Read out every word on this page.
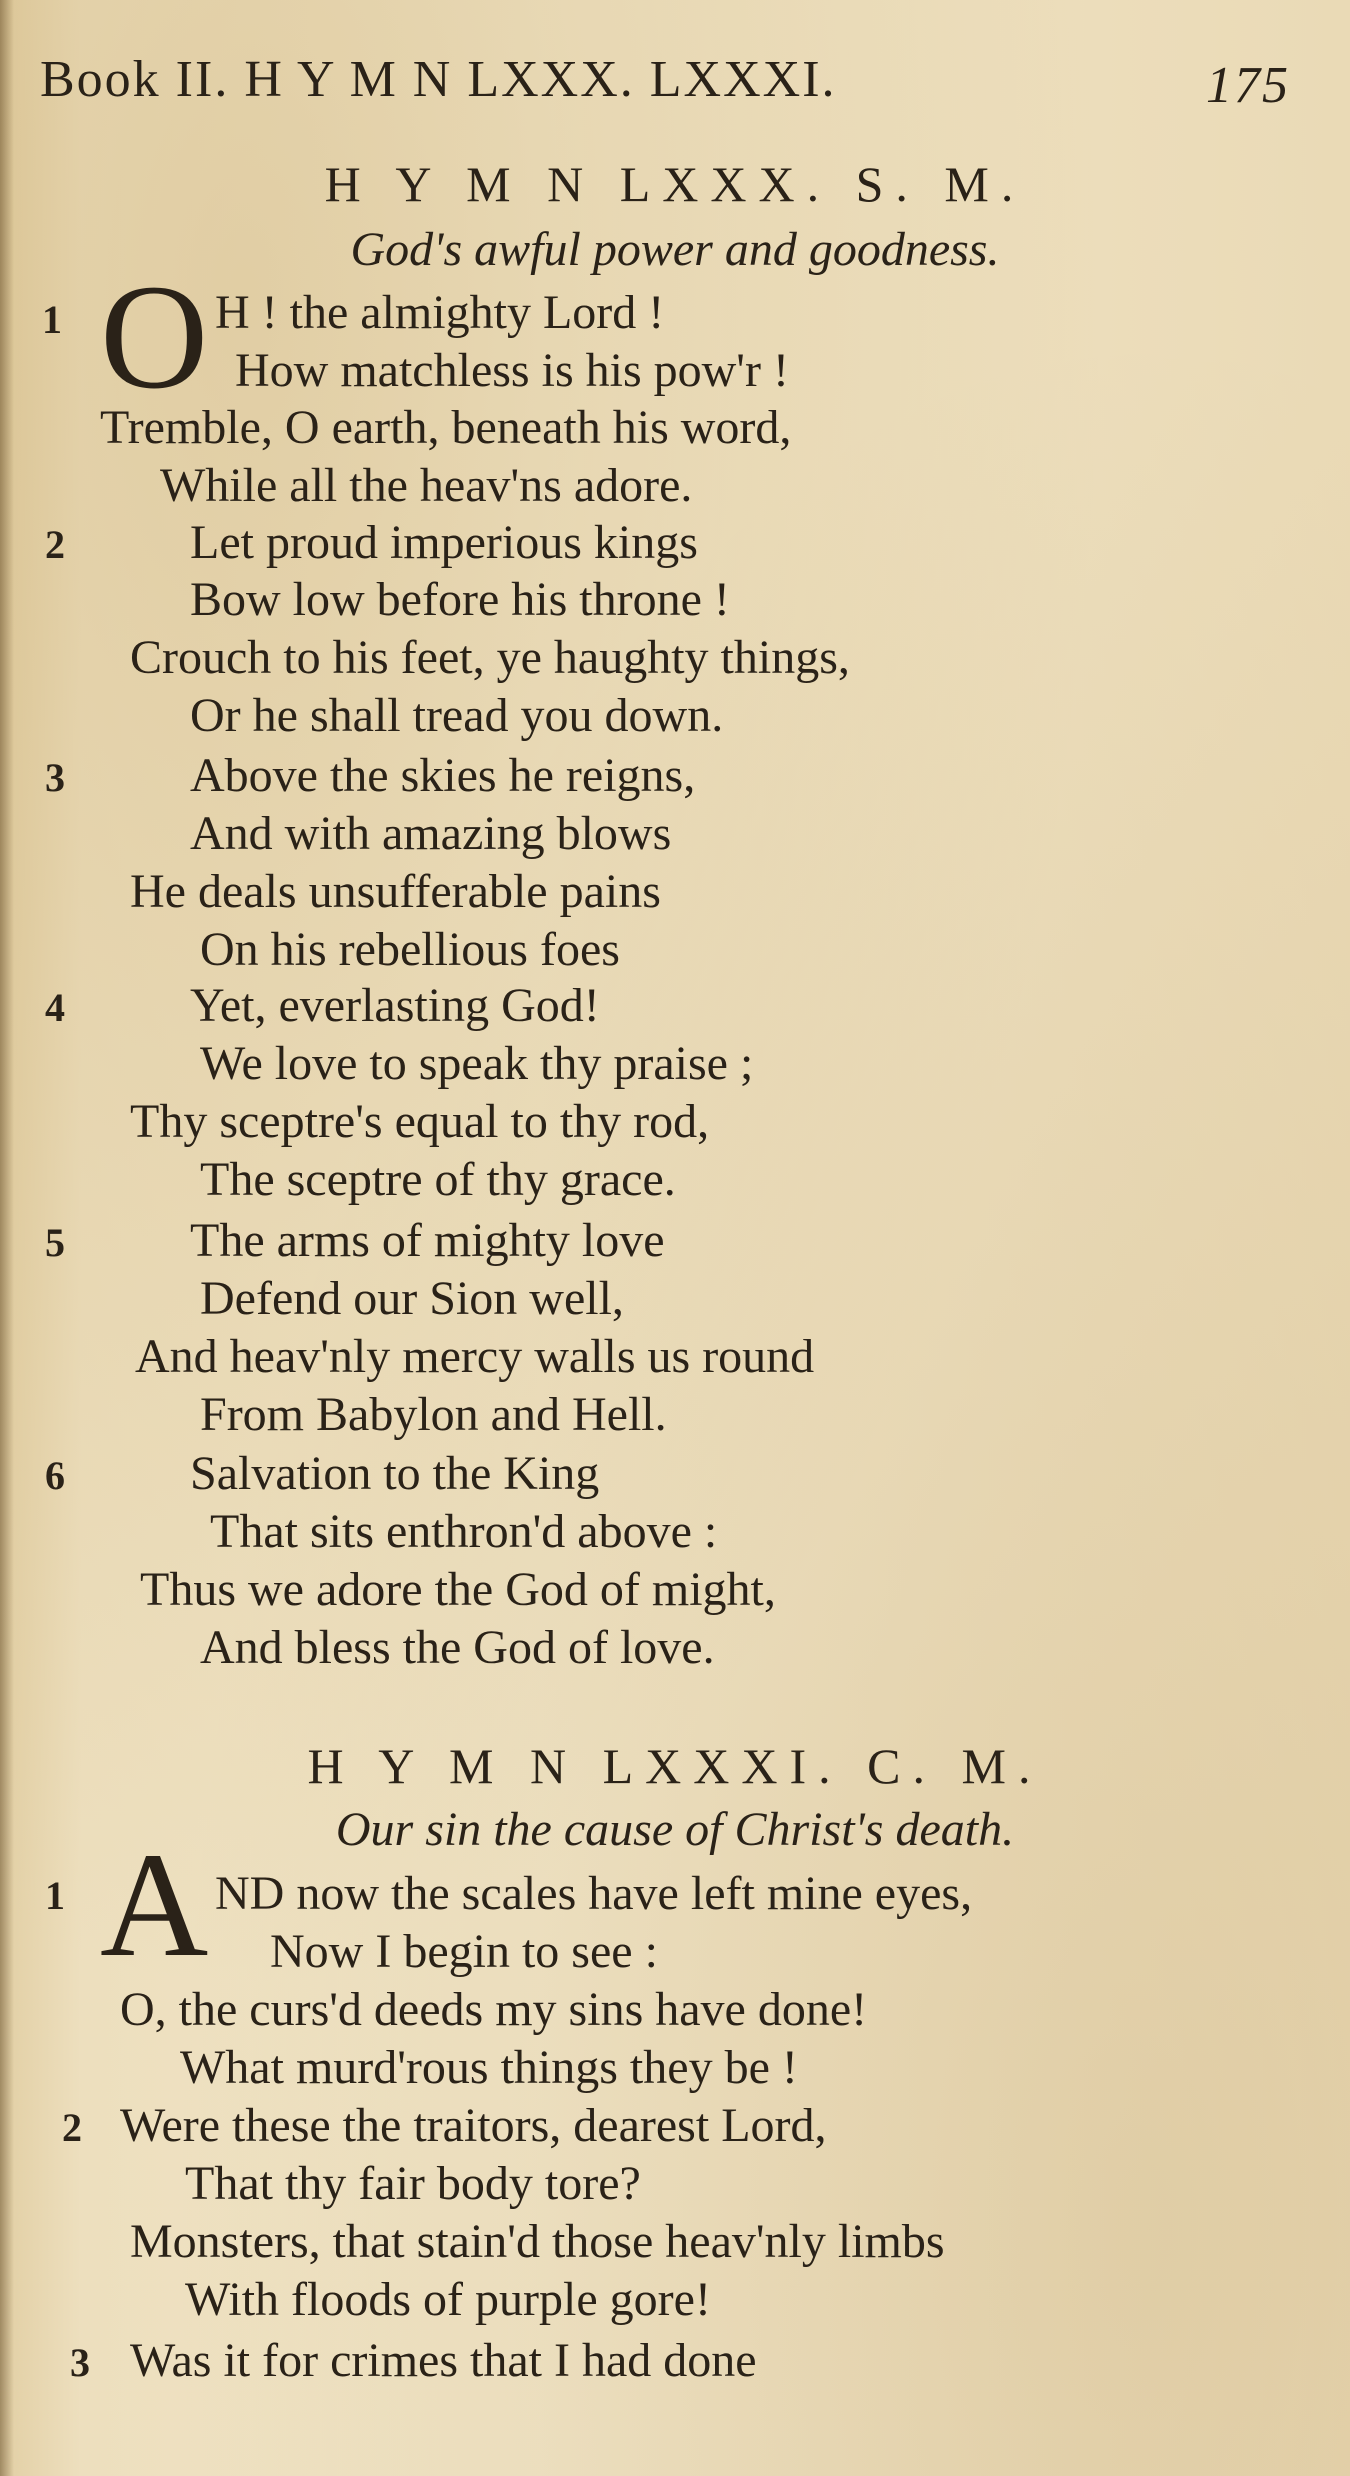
Book II. H Y M N LXXX. LXXXI.	175
H Y M N LXXX. S. M.
God's awful power and goodness.
1 O H ! the almighty Lord !
How matchless is his pow'r !
Tremble, O earth, beneath his word,
While all the heav'ns adore.
2	Let proud imperious kings
Bow low before his throne !
Crouch to his feet, ye haughty things,
Or he shall tread you down.
3	Above the skies he reigns,
And with amazing blows
He deals unsufferable pains
On his rebellious foes
4	Yet, everlasting God!
We love to speak thy praise ;
Thy sceptre's equal to thy rod,
The sceptre of thy grace.
5	The arms of mighty love
Defend our Sion well,
And heav'nly mercy walls us round
From Babylon and Hell.
6	Salvation to the King
That sits enthron'd above :
Thus we adore the God of might,
And bless the God of love.
H Y M N LXXXI. C. M.
Our sin the cause of Christ's death.
1 A ND now the scales have left mine eyes,
Now I begin to see :
O, the curs'd deeds my sins have done!
What murd'rous things they be !
2 Were these the traitors, dearest Lord,
That thy fair body tore?
Monsters, that stain'd those heav'nly limbs
With floods of purple gore!
3 Was it for crimes that I had done
